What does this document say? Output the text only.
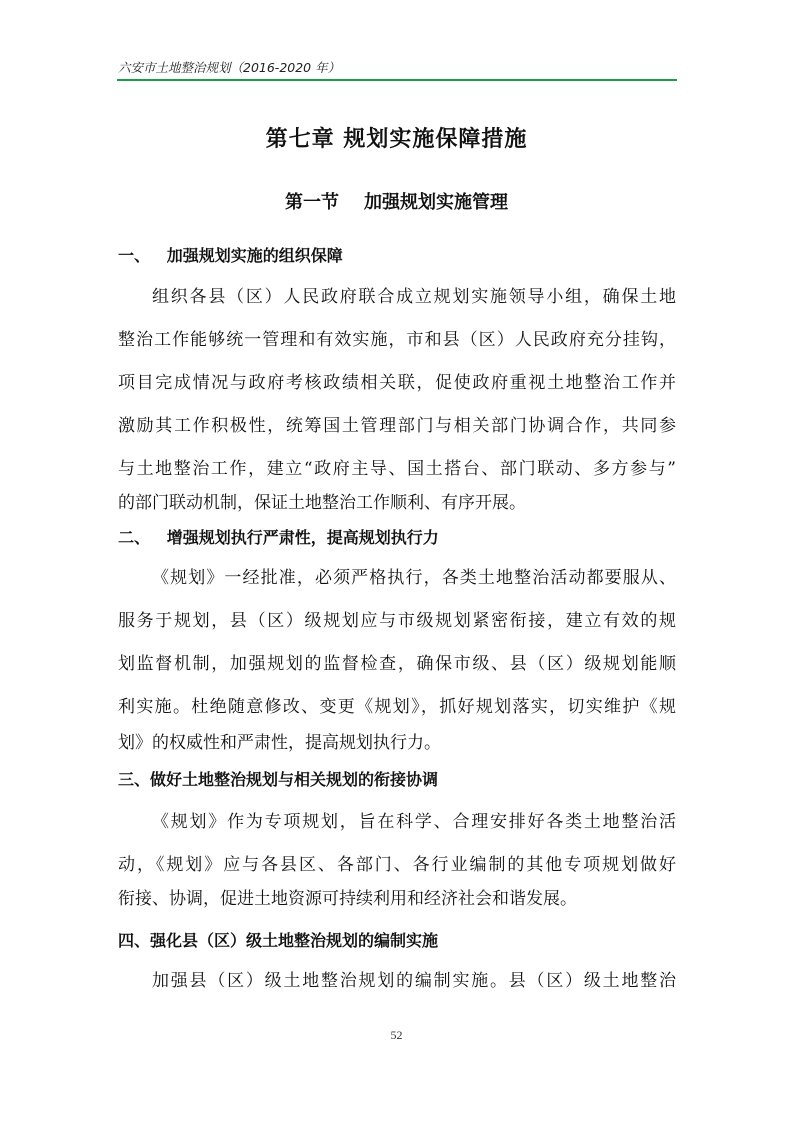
六安市土地整治规划（2016-2020 年）
第七章 规划实施保障措施
第一节    加强规划实施管理
一、   加强规划实施的组织保障
组织各县（区）人民政府联合成立规划实施领导小组，确保土地
整治工作能够统一管理和有效实施，市和县（区）人民政府充分挂钩，
项目完成情况与政府考核政绩相关联，促使政府重视土地整治工作并
激励其工作积极性，统筹国土管理部门与相关部门协调合作，共同参
与土地整治工作，建立“政府主导、国土搭台、部门联动、多方参与”
的部门联动机制，保证土地整治工作顺利、有序开展。
二、   增强规划执行严肃性，提高规划执行力
《规划》一经批准，必须严格执行，各类土地整治活动都要服从、
服务于规划，县（区）级规划应与市级规划紧密衔接，建立有效的规
划监督机制，加强规划的监督检查，确保市级、县（区）级规划能顺
利实施。杜绝随意修改、变更《规划》，抓好规划落实，切实维护《规
划》的权威性和严肃性，提高规划执行力。
三、做好土地整治规划与相关规划的衔接协调
《规划》作为专项规划，旨在科学、合理安排好各类土地整治活
动，《规划》应与各县区、各部门、各行业编制的其他专项规划做好
衔接、协调，促进土地资源可持续利用和经济社会和谐发展。
四、强化县（区）级土地整治规划的编制实施
加强县（区）级土地整治规划的编制实施。县（区）级土地整治
52
